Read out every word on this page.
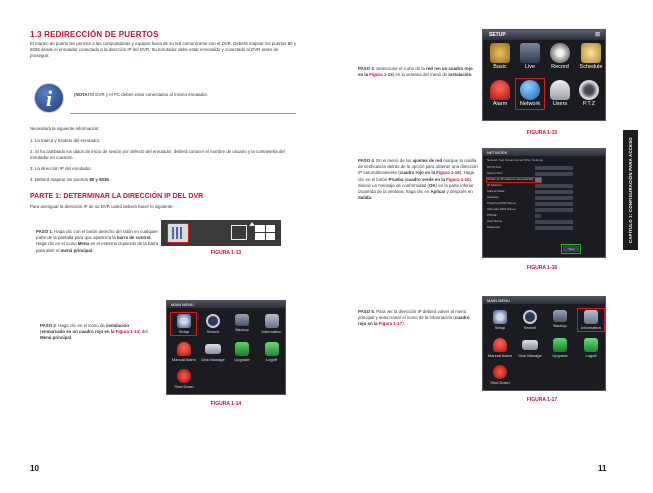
1.3 REDIRECCIÓN DE PUERTOS
El mapeo de puerto les permite a las computadoras y equipos fuera de su red comunicarse con el DVR. Deberá mapear los puertos 80 y 6036 desde el enrutador conectado a la dirección IP del DVR. Su enrutador debe estar encendido y conectado al DVR antes de proseguir.
i	¡NOTA! El DVR y el PC deben estar conectados al mismo enrutador.
Necesitará la siguiente información:
1. La marca y modelo del enrutador.
2. Si ha cambiado los datos de inicio de sesión por defecto del enrutador, deberá conocer el nombre de usuario y la contraseña del enrutador en cuestión.
3. La dirección IP del enrutador.
4. Deberá mapear los puertos 80 y 6036.
PARTE 1: DETERMINAR LA DIRECCIÓN IP DEL DVR
Para averiguar la dirección IP de su DVR usted deberá hacer lo siguiente:
PASO 1. Haga clic con el botón derecho del ratón en cualquier parte de la pantalla para que aparezca la barra de control. Haga clic en el icono Menu en el extremo izquierdo de la barra para abrir el menú principal.	FIGURA 1-13
PASO 2. Haga clic en el icono de instalación (enmarcado en un cuadro rojo en la Figura 1-14) del Menú principal.
MAIN MENU
Setup	Search	Backup	Information
Manual Alarm	Disk Manage	Upgrade	Logoff
Shut Down
FIGURA 1-14
10
PASO 3. Seleccione el icono de la red (en un cuadro rojo en la Figura 1-15) en la ventana del menú de instalación.
SETUP	⊠
Basic	Live	Record	Schedule
Alarm	Network	Users	P.T.Z
FIGURA 1-15
CAPÍTULO 1: CONFIGURACIÓN PARA ACCESO REMOTO
PASO 4. En el menú de los ajustes de red marque la casilla de verificación detrás de la opción para obtener una dirección IP automáticamente (cuadro rojo en la Figura 1-16). Haga clic en el botón Prueba (cuadro verde en la Figura 1-16). Sinicie un mensaje de conformidad (OK) en la parte inferior izquierda de la ventana, haga clic en Aplicar y después en Salida.
NETWORK
Network Sub Stream Email Other Settings
HTTP Port
Server Port
Obtain an IP address automatically
IP Address
Subnet Mask
Gateway
Preferred DNS Server
Alternate DNS Server
PPPoE
User Name
Password
Test
FIGURA 1-16
PASO 5. Para ver la dirección IP deberá volver al menú principal y seleccionar el icono de la información (cuadro rojo en la Figura 1-17).
MAIN MENU
Setup	Search	Backup	Information
Manual Alarm	Disk Manage	Upgrade	Logoff
Shut Down
FIGURA 1-17
11
